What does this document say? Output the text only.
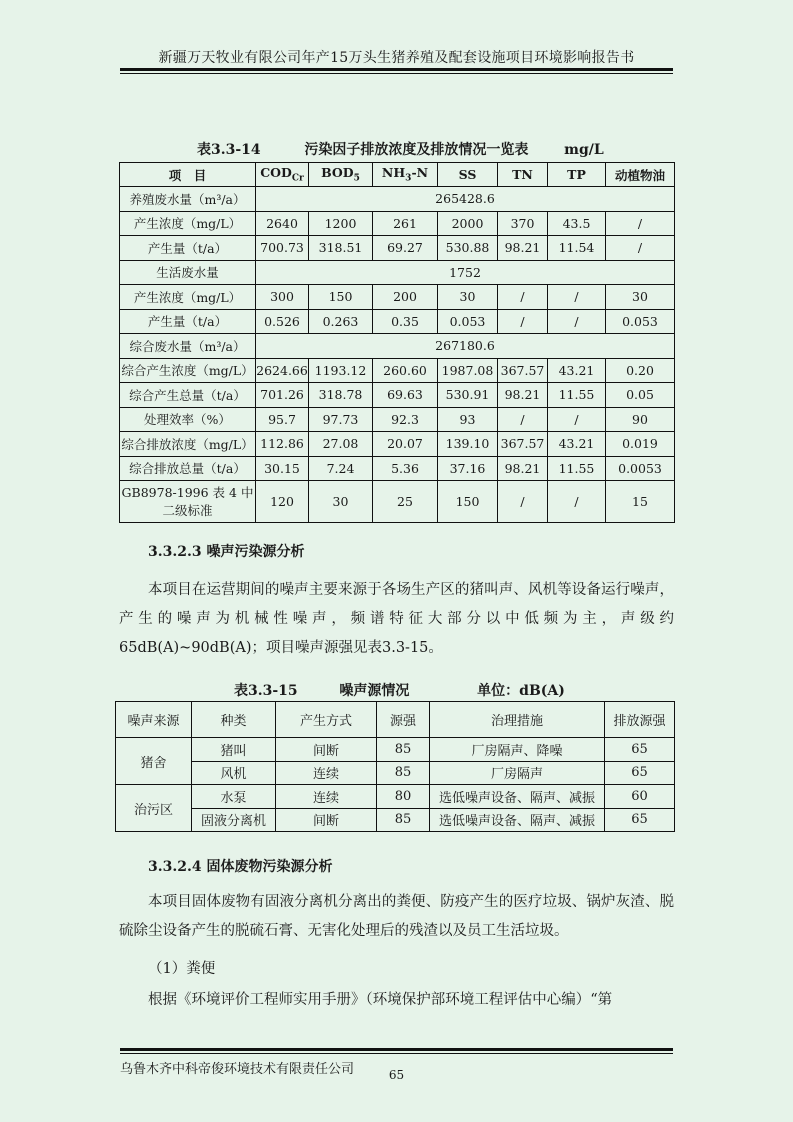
新疆万天牧业有限公司年产15万头生猪养殖及配套设施项目环境影响报告书
表3.3-14	污染因子排放浓度及排放情况一览表	mg/L
项　目	$COD_{Cr}$	$BOD_5$	$NH_3-N$	SS	TN	TP	动植物油
养殖废水量（m³/a）	265428.6						
产生浓度（mg/L）	2640	1200	261	2000	370	43.5	/
产生量（t/a）	700.73	318.51	69.27	530.88	98.21	11.54	/
生活废水量	1752						
产生浓度（mg/L）	300	150	200	30	/	/	30
产生量（t/a）	0.526	0.263	0.35	0.053	/	/	0.053
综合废水量（m³/a）	267180.6						
综合产生浓度（mg/L）	2624.66	1193.12	260.60	1987.08	367.57	43.21	0.20
综合产生总量（t/a）	701.26	318.78	69.63	530.91	98.21	11.55	0.05
处理效率（%）	95.7	97.73	92.3	93	/	/	90
综合排放浓度（mg/L）	112.86	27.08	20.07	139.10	367.57	43.21	0.019
综合排放总量（t/a）	30.15	7.24	5.36	37.16	98.21	11.55	0.0053
GB8978-1996 表 4 中二级标准	120	30	25	150	/	/	15
3.3.2.3 噪声污染源分析
本项目在运营期间的噪声主要来源于各场生产区的猪叫声、风机等设备运行噪声，产生的噪声为机械性噪声，频谱特征大部分以中低频为主，声级约65dB(A)~90dB(A)；项目噪声源强见表3.3-15。
表3.3-15	噪声源情况	单位：dB(A)
噪声来源	种类	产生方式	源强	治理措施	排放源强
猪舍	猪叫	间断	85	厂房隔声、降噪	65
	风机	连续	85	厂房隔声	65
治污区	水泵	连续	80	选低噪声设备、隔声、减振	60
	固液分离机	间断	85	选低噪声设备、隔声、减振	65
3.3.2.4 固体废物污染源分析
本项目固体废物有固液分离机分离出的粪便、防疫产生的医疗垃圾、锅炉灰渣、脱硫除尘设备产生的脱硫石膏、无害化处理后的残渣以及员工生活垃圾。
（1）粪便
根据《环境评价工程师实用手册》（环境保护部环境工程评估中心编）“第
乌鲁木齐中科帝俊环境技术有限责任公司	65
